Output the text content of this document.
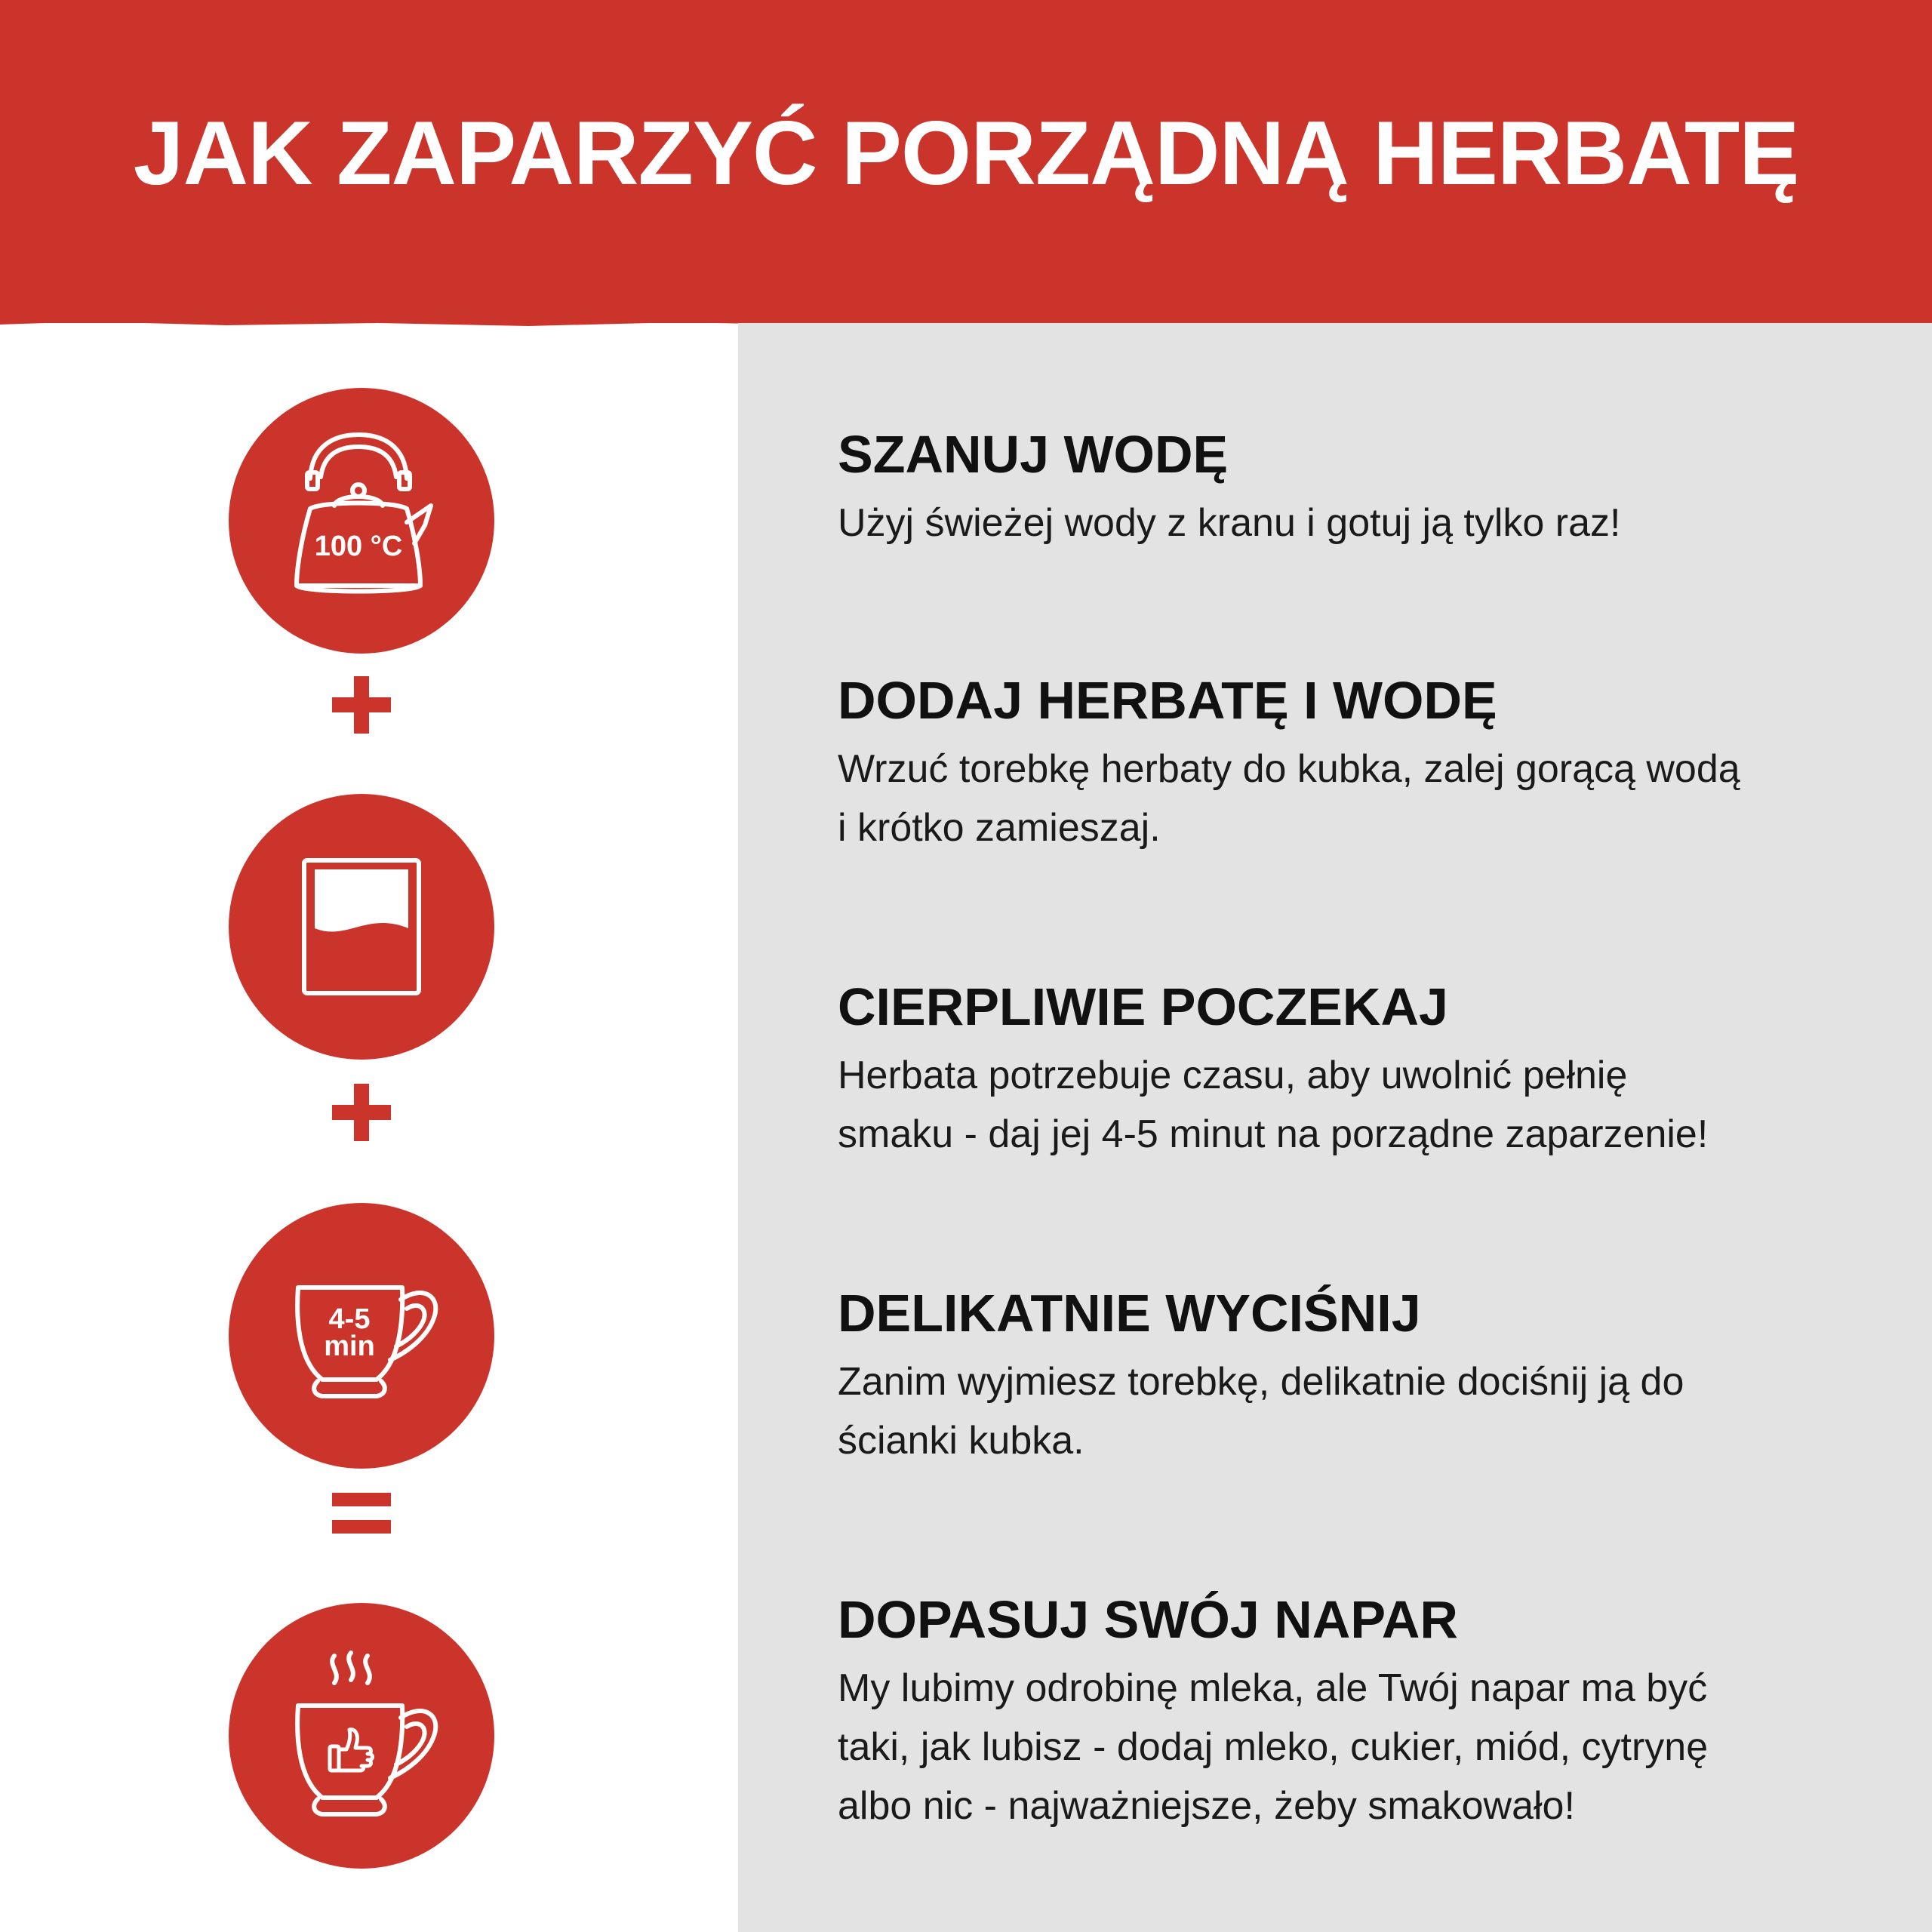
JAK ZAPARZYĆ PORZĄDNĄ HERBATĘ
100 °C
4-5
min
SZANUJ WODĘ

Użyj świeżej wody z kranu i gotuj ją tylko raz!

DODAJ HERBATĘ I WODĘ

Wrzuć torebkę herbaty do kubka, zalej gorącą wodą
i krótko zamieszaj.

CIERPLIWIE POCZEKAJ

Herbata potrzebuje czasu, aby uwolnić pełnię
smaku - daj jej 4-5 minut na porządne zaparzenie!

DELIKATNIE WYCIŚNIJ

Zanim wyjmiesz torebkę, delikatnie dociśnij ją do
ścianki kubka.

DOPASUJ SWÓJ NAPAR

My lubimy odrobinę mleka, ale Twój napar ma być
taki, jak lubisz - dodaj mleko, cukier, miód, cytrynę
albo nic - najważniejsze, żeby smakowało!
